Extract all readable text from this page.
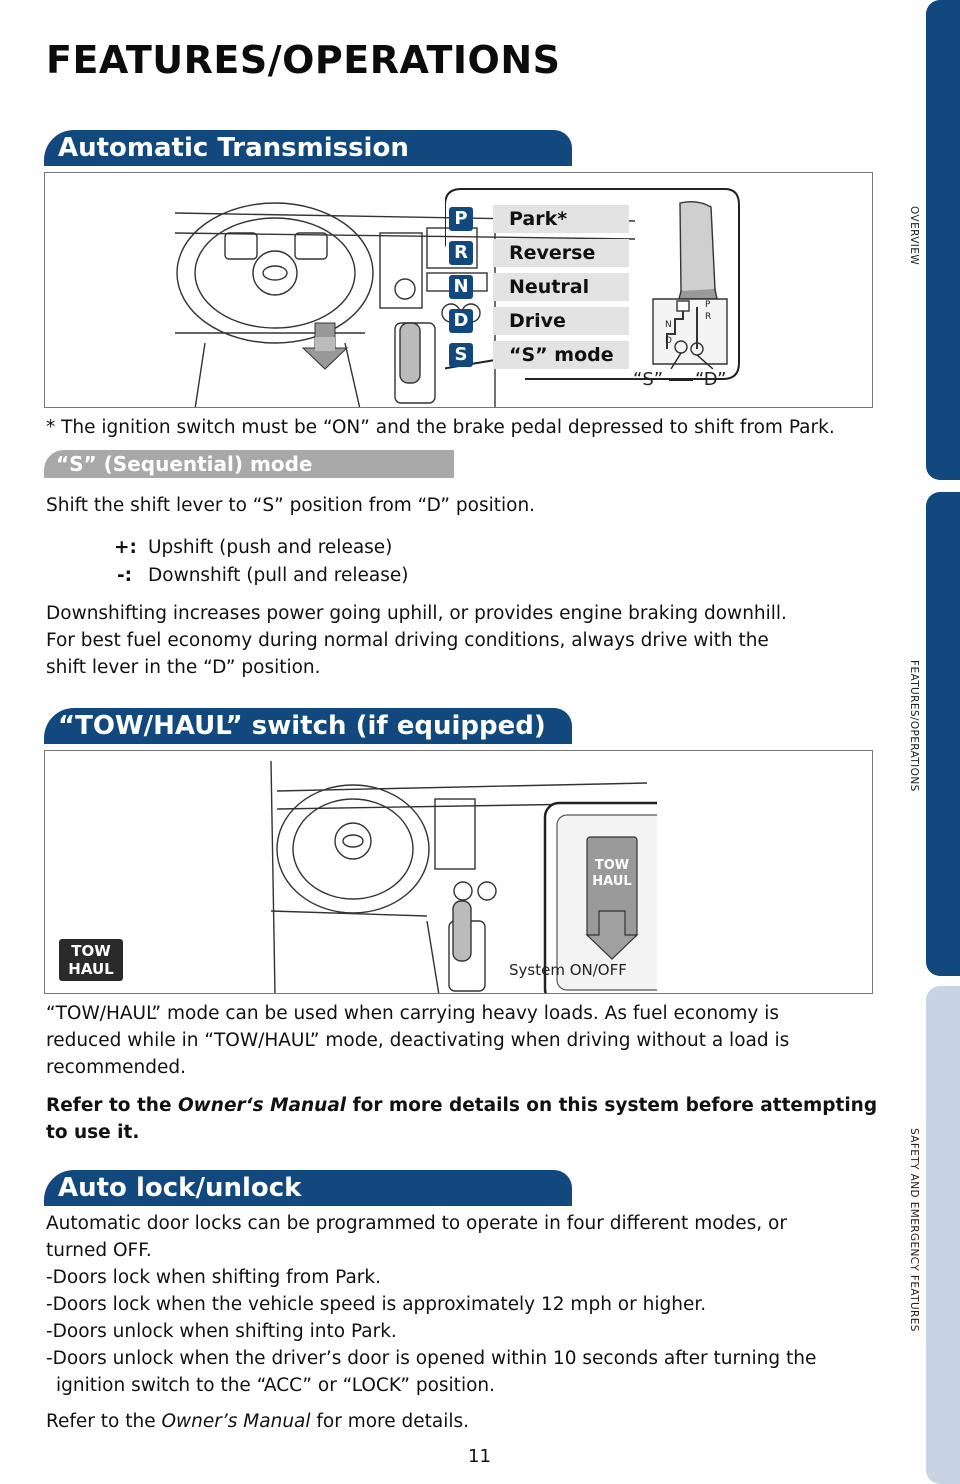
FEATURES/OPERATIONS
Automatic Transmission
P	Park*
R	Reverse
N	Neutral
D	Drive
S	“S” mode
P
R
N
D
“S” “D”
* The ignition switch must be “ON” and the brake pedal depressed to shift from Park.
“S” (Sequential) mode
Shift the shift lever to “S” position from “D” position.
+: Upshift (push and release)
-: Downshift (pull and release)
Downshifting increases power going uphill, or provides engine braking downhill.
For best fuel economy during normal driving conditions, always drive with the
shift lever in the “D” position.
“TOW/HAUL” switch (if equipped)
TOW
HAUL
TOW
HAUL	System ON/OFF
“TOW/HAUL” mode can be used when carrying heavy loads. As fuel economy is
reduced while in “TOW/HAUL” mode, deactivating when driving without a load is
recommended.
Refer to the Owner‘s Manual for more details on this system before attempting
to use it.
Auto lock/unlock
Automatic door locks can be programmed to operate in four different modes, or
turned OFF.
-Doors lock when shifting from Park.
-Doors lock when the vehicle speed is approximately 12 mph or higher.
-Doors unlock when shifting into Park.
-Doors unlock when the driver’s door is opened within 10 seconds after turning the
ignition switch to the “ACC” or “LOCK” position.
Refer to the Owner’s Manual for more details.
11
OVERVIEW
FEATURES/OPERATIONS
SAFETY AND EMERGENCY FEATURES
